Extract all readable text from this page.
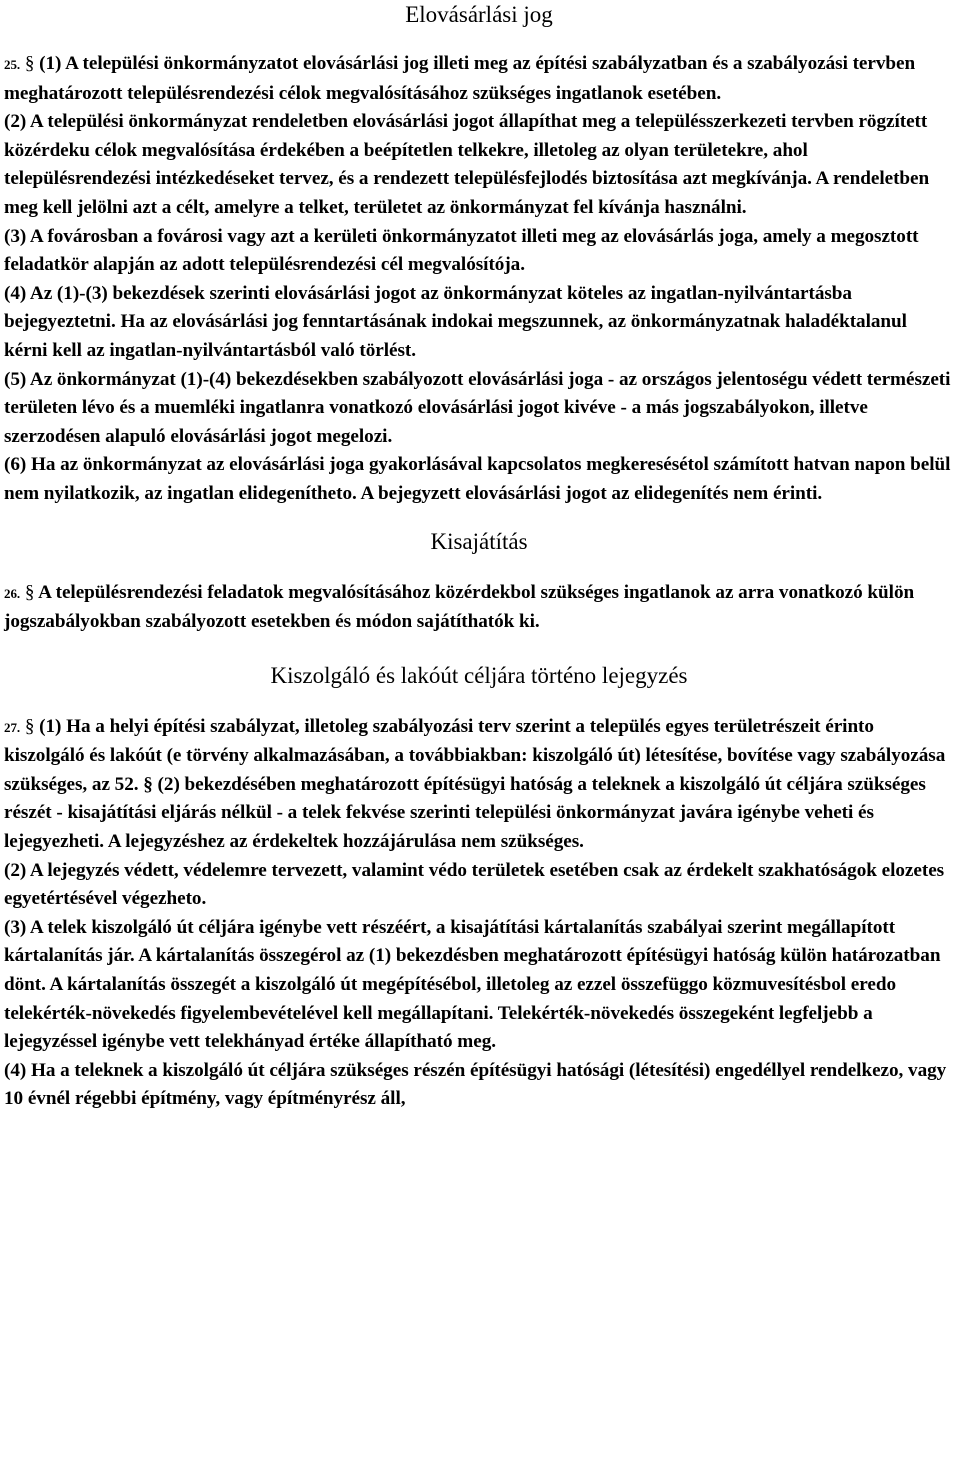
Elovásárlási jog

25. § (1) A települési önkormányzatot elovásárlási jog illeti meg az építési szabályzatban és a szabályozási tervben meghatározott településrendezési célok megvalósításához szükséges ingatlanok esetében.

(2) A települési önkormányzat rendeletben elovásárlási jogot állapíthat meg a településszerkezeti tervben rögzített közérdeku célok megvalósítása érdekében a beépítetlen telkekre, illetoleg az olyan területekre, ahol településrendezési intézkedéseket tervez, és a rendezett településfejlodés biztosítása azt megkívánja. A rendeletben meg kell jelölni azt a célt, amelyre a telket, területet az önkormányzat fel kívánja használni.

(3) A fovárosban a fovárosi vagy azt a kerületi önkormányzatot illeti meg az elovásárlás joga, amely a megosztott feladatkör alapján az adott településrendezési cél megvalósítója.

(4) Az (1)-(3) bekezdések szerinti elovásárlási jogot az önkormányzat köteles az ingatlan-nyilvántartásba bejegyeztetni. Ha az elovásárlási jog fenntartásának indokai megszunnek, az önkormányzatnak haladéktalanul kérni kell az ingatlan-nyilvántartásból való törlést.

(5) Az önkormányzat (1)-(4) bekezdésekben szabályozott elovásárlási joga - az országos jelentoségu védett természeti területen lévo és a muemléki ingatlanra vonatkozó elovásárlási jogot kivéve - a más jogszabályokon, illetve szerzodésen alapuló elovásárlási jogot megelozi.

(6) Ha az önkormányzat az elovásárlási joga gyakorlásával kapcsolatos megkeresésétol számított hatvan napon belül nem nyilatkozik, az ingatlan elidegenítheto. A bejegyzett elovásárlási jogot az elidegenítés nem érinti.

Kisajátítás

26. § A településrendezési feladatok megvalósításához közérdekbol szükséges ingatlanok az arra vonatkozó külön jogszabályokban szabályozott esetekben és módon sajátíthatók ki.

Kiszolgáló és lakóút céljára történo lejegyzés

27. § (1) Ha a helyi építési szabályzat, illetoleg szabályozási terv szerint a település egyes területrészeit érinto kiszolgáló és lakóút (e törvény alkalmazásában, a továbbiakban: kiszolgáló út) létesítése, bovítése vagy szabályozása szükséges, az 52. § (2) bekezdésében meghatározott építésügyi hatóság a teleknek a kiszolgáló út céljára szükséges részét - kisajátítási eljárás nélkül - a telek fekvése szerinti települési önkormányzat javára igénybe veheti és lejegyezheti. A lejegyzéshez az érdekeltek hozzájárulása nem szükséges.

(2) A lejegyzés védett, védelemre tervezett, valamint védo területek esetében csak az érdekelt szakhatóságok elozetes egyetértésével végezheto.

(3) A telek kiszolgáló út céljára igénybe vett részéért, a kisajátítási kártalanítás szabályai szerint megállapított kártalanítás jár. A kártalanítás összegérol az (1) bekezdésben meghatározott építésügyi hatóság külön határozatban dönt. A kártalanítás összegét a kiszolgáló út megépítésébol, illetoleg az ezzel összefüggo közmuvesítésbol eredo telekérték-növekedés figyelembevételével kell megállapítani. Telekérték-növekedés összegeként legfeljebb a lejegyzéssel igénybe vett telekhányad értéke állapítható meg.

(4) Ha a teleknek a kiszolgáló út céljára szükséges részén építésügyi hatósági (létesítési) engedéllyel rendelkezo, vagy 10 évnél régebbi építmény, vagy építményrész áll,
